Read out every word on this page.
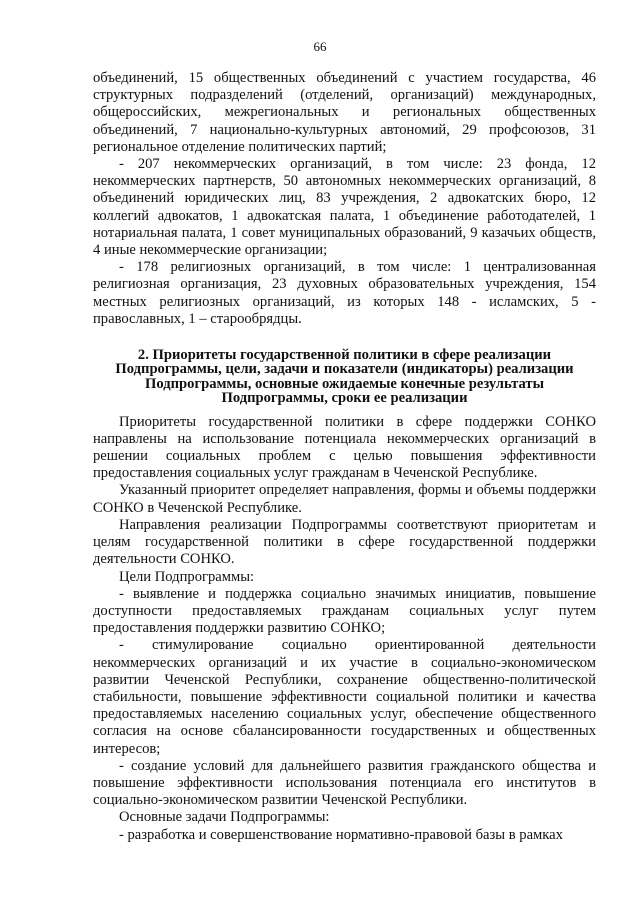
66

объединений, 15 общественных объединений с участием государства, 46 структурных подразделений (отделений, организаций) международных, общероссийских, межрегиональных и региональных общественных объединений, 7 национально-культурных автономий, 29 профсоюзов, 31 региональное отделение политических партий;

- 207 некоммерческих организаций, в том числе: 23 фонда, 12 некоммерческих партнерств, 50 автономных некоммерческих организаций, 8 объединений юридических лиц, 83 учреждения, 2 адвокатских бюро, 12 коллегий адвокатов, 1 адвокатская палата, 1 объединение работодателей, 1 нотариальная палата, 1 совет муниципальных образований, 9 казачьих обществ, 4 иные некоммерческие организации;

- 178 религиозных организаций, в том числе: 1 централизованная религиозная организация, 23 духовных образовательных учреждения, 154 местных религиозных организаций, из которых 148 - исламских, 5 - православных, 1 – старообрядцы.

2. Приоритеты государственной политики в сфере реализации
Подпрограммы, цели, задачи и показатели (индикаторы) реализации
Подпрограммы, основные ожидаемые конечные результаты
Подпрограммы, сроки ее реализации

Приоритеты государственной политики в сфере поддержки СОНКО направлены на использование потенциала некоммерческих организаций в решении социальных проблем с целью повышения эффективности предоставления социальных услуг гражданам в Чеченской Республике.

Указанный приоритет определяет направления, формы и объемы поддержки СОНКО в Чеченской Республике.

Направления реализации Подпрограммы соответствуют приоритетам и целям государственной политики в сфере государственной поддержки деятельности СОНКО.

Цели Подпрограммы:

- выявление и поддержка социально значимых инициатив, повышение доступности предоставляемых гражданам социальных услуг путем предоставления поддержки развитию СОНКО;

- стимулирование социально ориентированной деятельности некоммерческих организаций и их участие в социально-экономическом развитии Чеченской Республики, сохранение общественно-политической стабильности, повышение эффективности социальной политики и качества предоставляемых населению социальных услуг, обеспечение общественного согласия на основе сбалансированности государственных и общественных интересов;

- создание условий для дальнейшего развития гражданского общества и повышение эффективности использования потенциала его институтов в социально-экономическом развитии Чеченской Республики.

Основные задачи Подпрограммы:

- разработка и совершенствование нормативно-правовой базы в рамках
